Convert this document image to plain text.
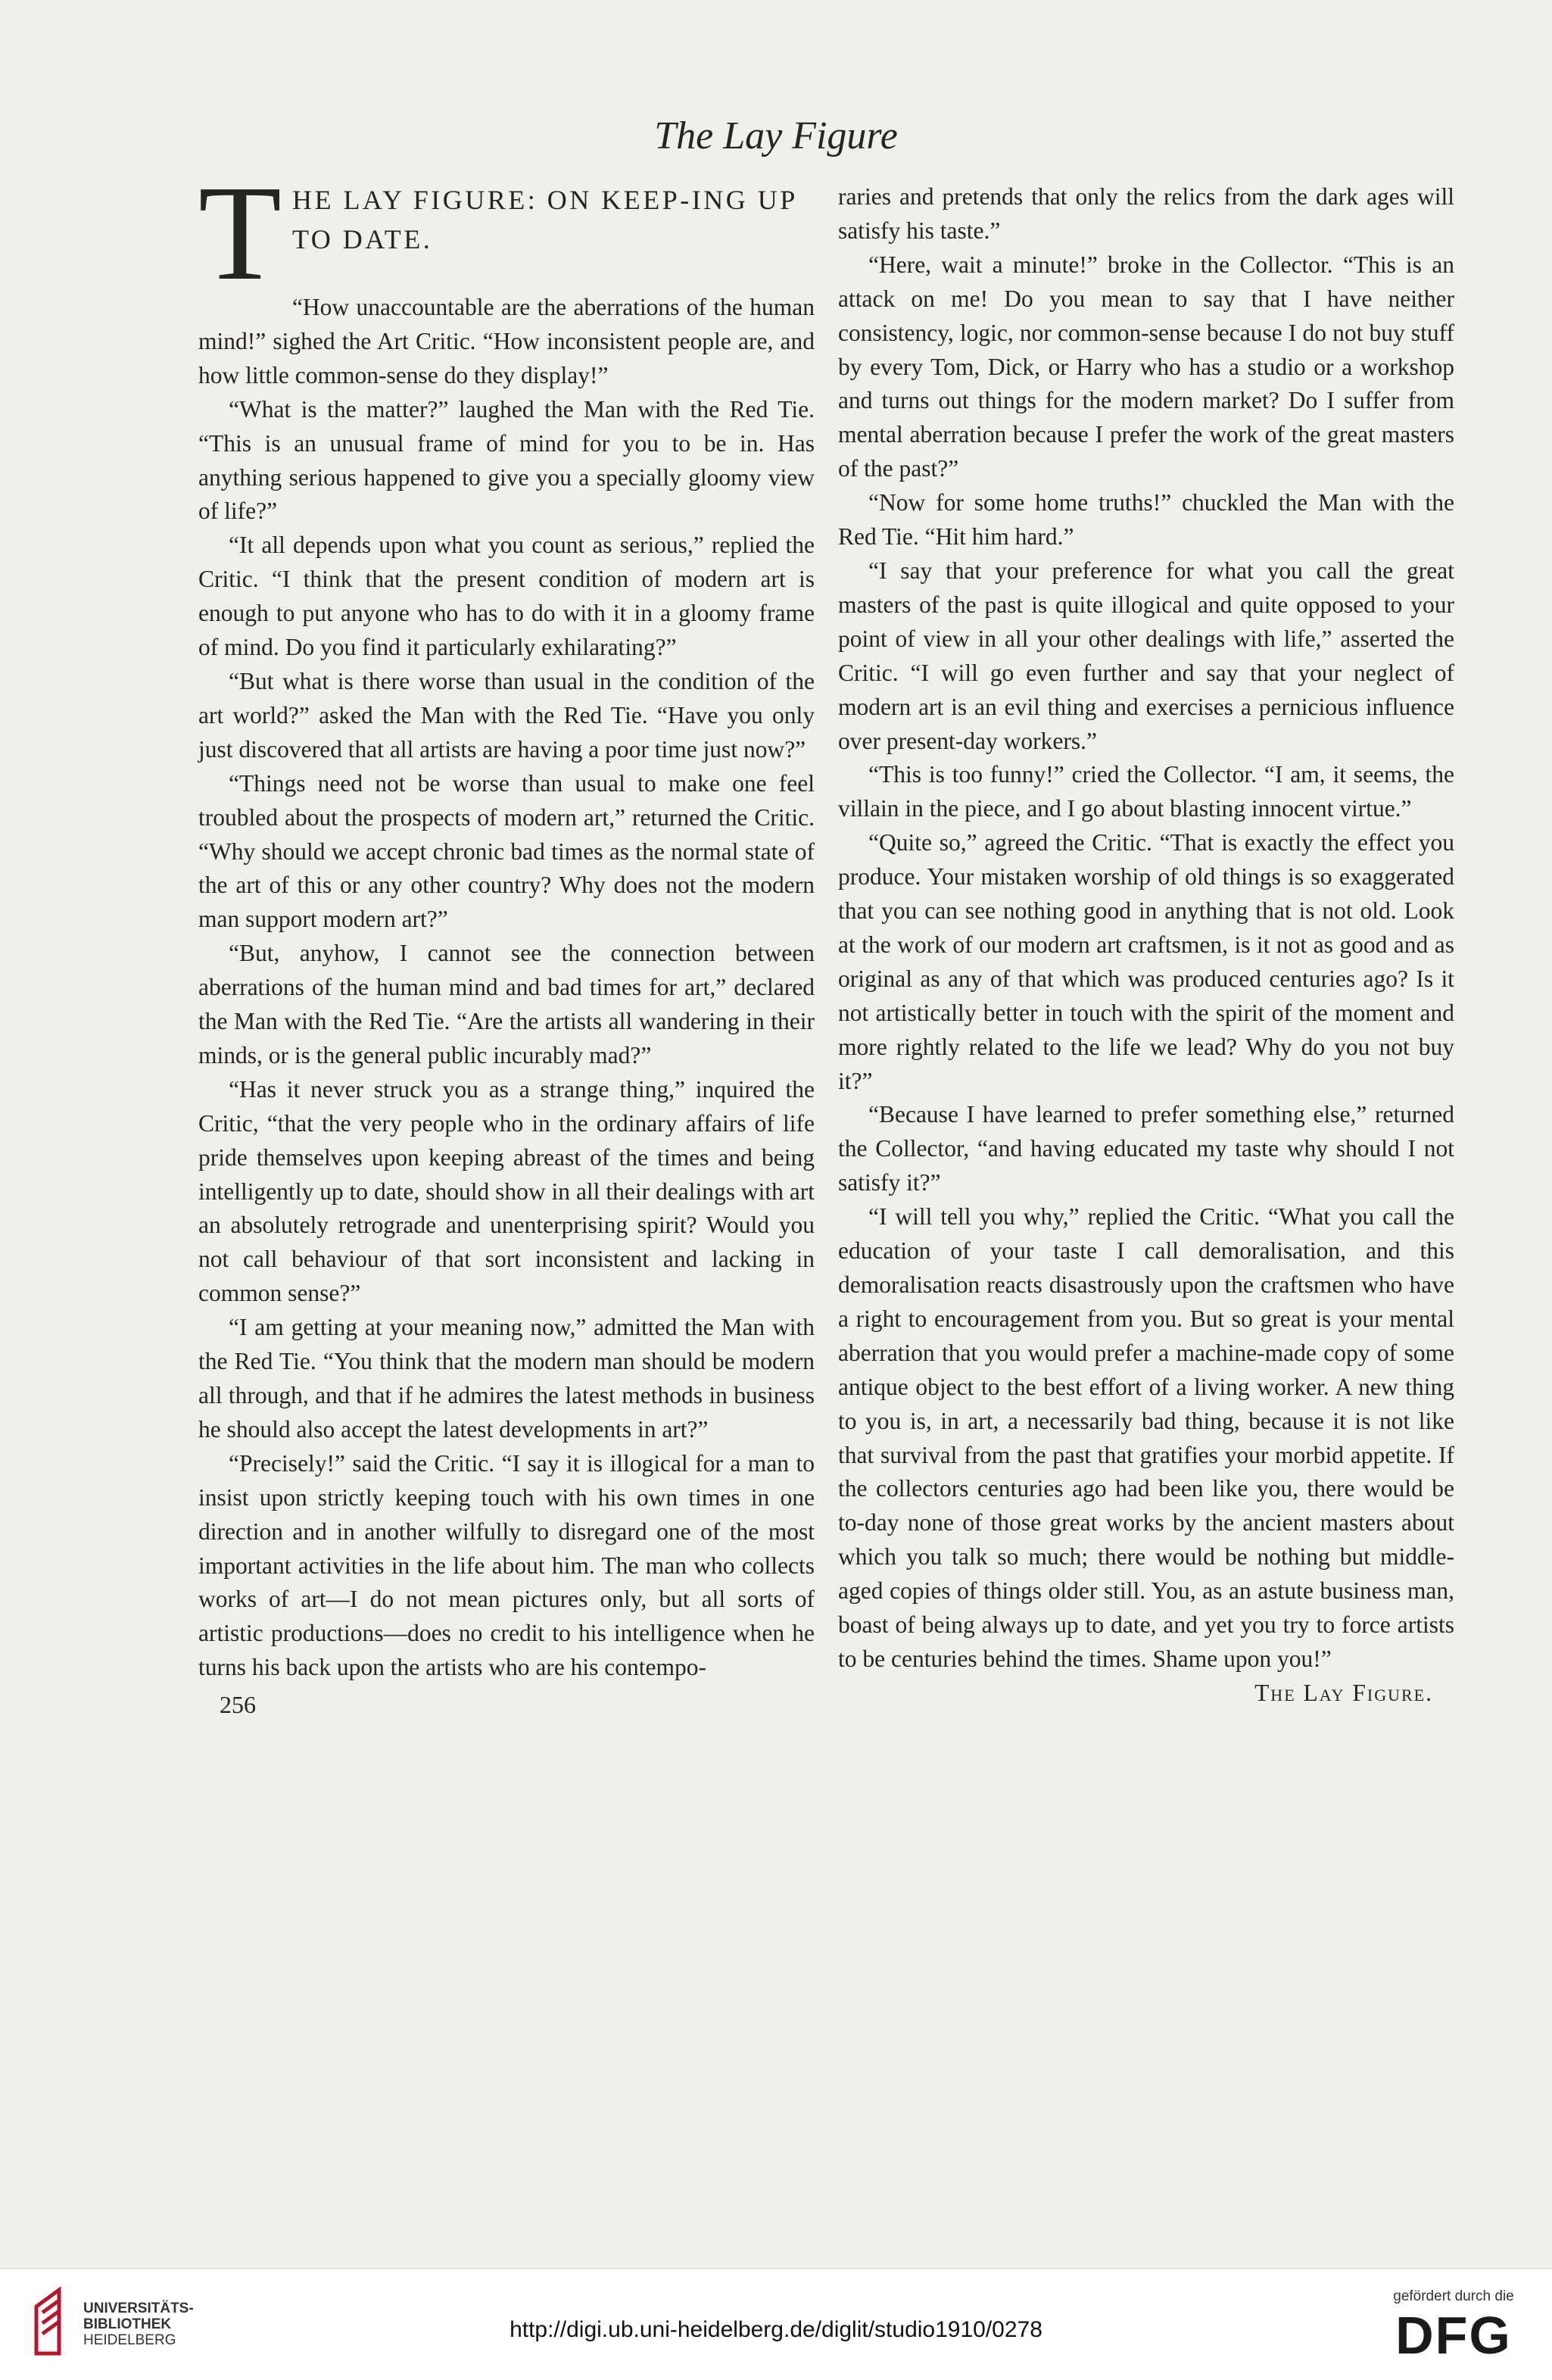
The Lay Figure
T HE LAY FIGURE: ON KEEP-ING UP TO DATE.

“How unaccountable are the aberrations of the human mind!” sighed the Art Critic. “How inconsistent people are, and how little common-sense do they display!”

“What is the matter?” laughed the Man with the Red Tie. “This is an unusual frame of mind for you to be in. Has anything serious happened to give you a specially gloomy view of life?”

“It all depends upon what you count as serious,” replied the Critic. “I think that the present condition of modern art is enough to put anyone who has to do with it in a gloomy frame of mind. Do you find it particularly exhilarating?”

“But what is there worse than usual in the condition of the art world?” asked the Man with the Red Tie. “Have you only just discovered that all artists are having a poor time just now?”

“Things need not be worse than usual to make one feel troubled about the prospects of modern art,” returned the Critic. “Why should we accept chronic bad times as the normal state of the art of this or any other country? Why does not the modern man support modern art?”

“But, anyhow, I cannot see the connection between aberrations of the human mind and bad times for art,” declared the Man with the Red Tie. “Are the artists all wandering in their minds, or is the general public incurably mad?”

“Has it never struck you as a strange thing,” inquired the Critic, “that the very people who in the ordinary affairs of life pride themselves upon keeping abreast of the times and being intelligently up to date, should show in all their dealings with art an absolutely retrograde and unenterprising spirit? Would you not call behaviour of that sort inconsistent and lacking in common sense?”

“I am getting at your meaning now,” admitted the Man with the Red Tie. “You think that the modern man should be modern all through, and that if he admires the latest methods in business he should also accept the latest developments in art?”

“Precisely!” said the Critic. “I say it is illogical for a man to insist upon strictly keeping touch with his own times in one direction and in another wilfully to disregard one of the most important activities in the life about him. The man who collects works of art—I do not mean pictures only, but all sorts of artistic productions—does no credit to his intelligence when he turns his back upon the artists who are his contempo-

256

raries and pretends that only the relics from the dark ages will satisfy his taste.”

“Here, wait a minute!” broke in the Collector. “This is an attack on me! Do you mean to say that I have neither consistency, logic, nor common-sense because I do not buy stuff by every Tom, Dick, or Harry who has a studio or a workshop and turns out things for the modern market? Do I suffer from mental aberration because I prefer the work of the great masters of the past?”

“Now for some home truths!” chuckled the Man with the Red Tie. “Hit him hard.”

“I say that your preference for what you call the great masters of the past is quite illogical and quite opposed to your point of view in all your other dealings with life,” asserted the Critic. “I will go even further and say that your neglect of modern art is an evil thing and exercises a pernicious influence over present-day workers.”

“This is too funny!” cried the Collector. “I am, it seems, the villain in the piece, and I go about blasting innocent virtue.”

“Quite so,” agreed the Critic. “That is exactly the effect you produce. Your mistaken worship of old things is so exaggerated that you can see nothing good in anything that is not old. Look at the work of our modern art craftsmen, is it not as good and as original as any of that which was produced centuries ago? Is it not artistically better in touch with the spirit of the moment and more rightly related to the life we lead? Why do you not buy it?”

“Because I have learned to prefer something else,” returned the Collector, “and having educated my taste why should I not satisfy it?”

“I will tell you why,” replied the Critic. “What you call the education of your taste I call demoralisation, and this demoralisation reacts disastrously upon the craftsmen who have a right to encouragement from you. But so great is your mental aberration that you would prefer a machine-made copy of some antique object to the best effort of a living worker. A new thing to you is, in art, a necessarily bad thing, because it is not like that survival from the past that gratifies your morbid appetite. If the collectors centuries ago had been like you, there would be to-day none of those great works by the ancient masters about which you talk so much; there would be nothing but middle-aged copies of things older still. You, as an astute business man, boast of being always up to date, and yet you try to force artists to be centuries behind the times. Shame upon you!”

The Lay Figure.

UNIVERSITÄTS-
BIBLIOTHEK
HEIDELBERG	http://digi.ub.uni-heidelberg.de/diglit/studio1910/0278
gefördert durch die
DFG
